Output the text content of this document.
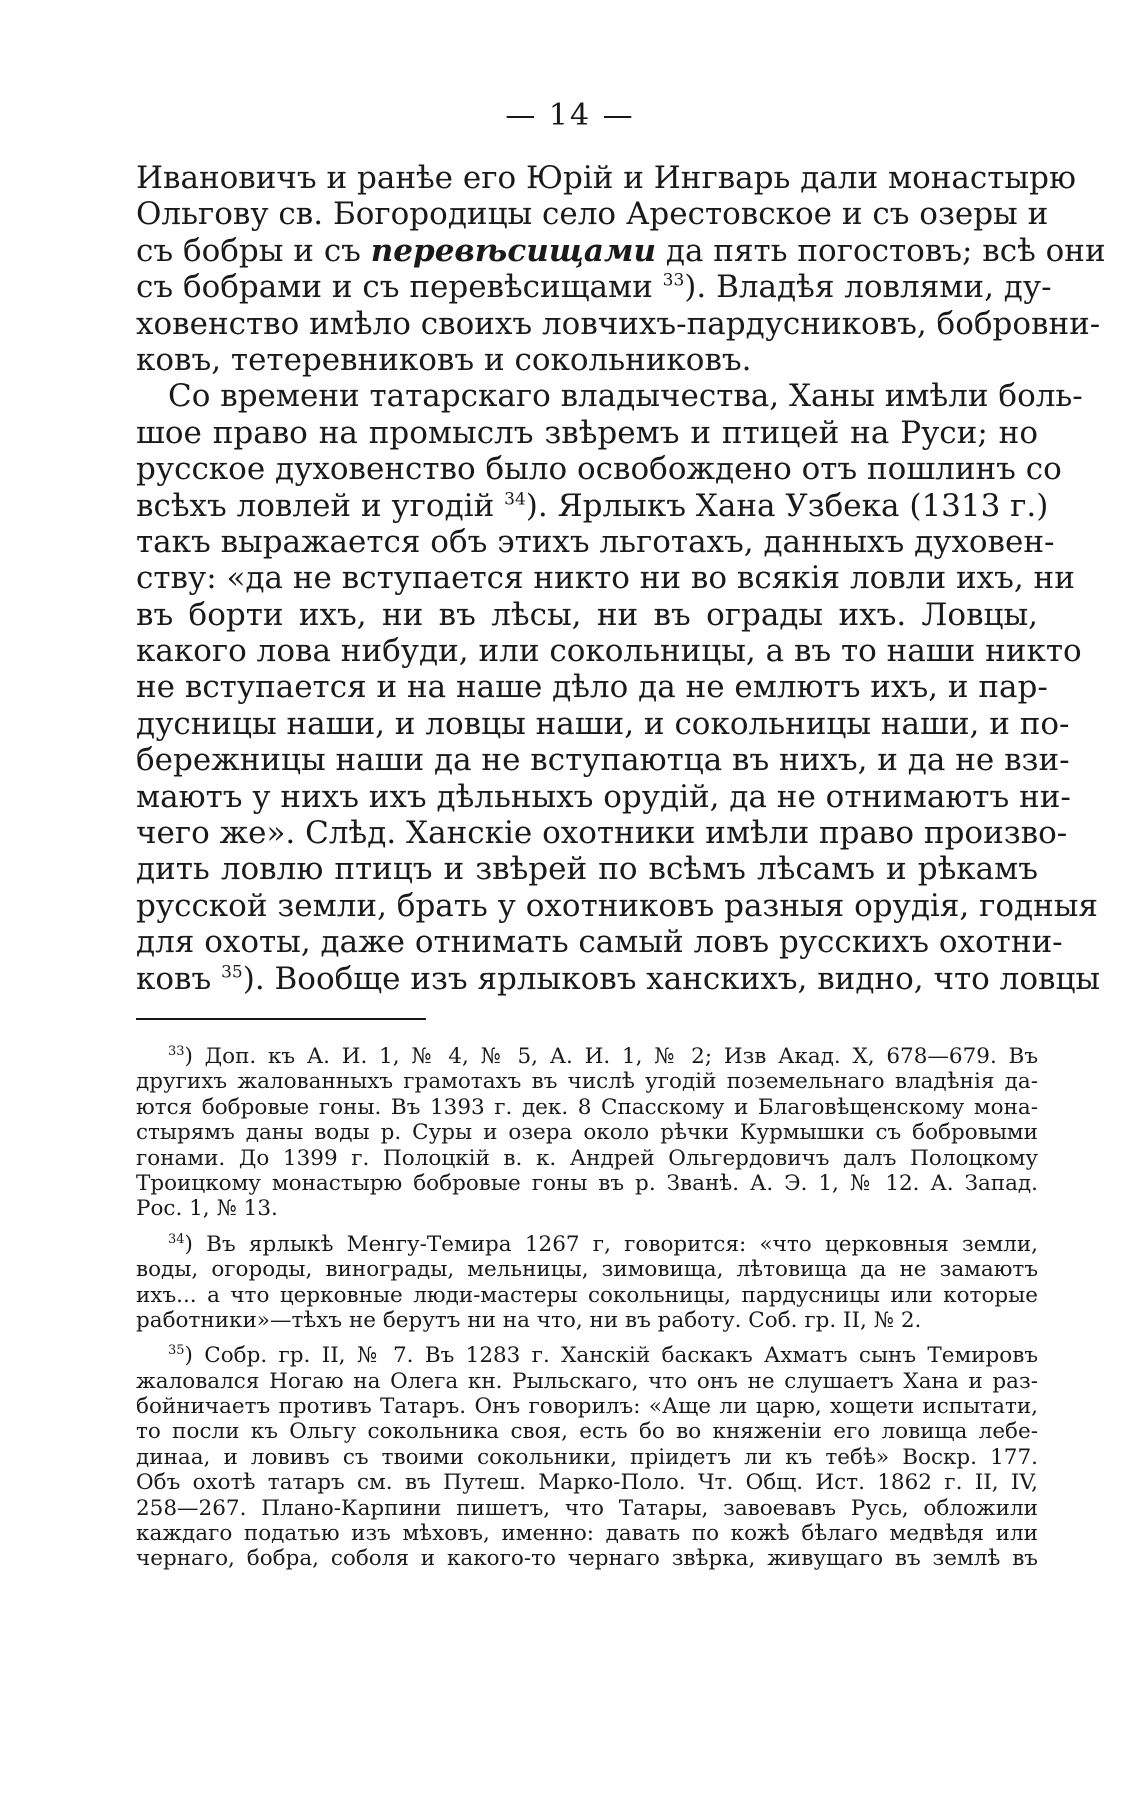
— 14 —
Ивановичъ и ранѣе его Юрій и Ингварь дали монастырю
Ольгову св. Богородицы село Арестовское и съ озеры и
съ бобры и съ перевѣсищами да пять погостовъ; всѣ они
съ бобрами и съ перевѣсищами $^{33}$). Владѣя ловлями, ду-
ховенство имѣло своихъ ловчихъ-пардусниковъ, бобровни-
ковъ, тетеревниковъ и сокольниковъ.
Со времени татарскаго владычества, Ханы имѣли боль-
шое право на промыслъ звѣремъ и птицей на Руси; но
русское духовенство было освобождено отъ пошлинъ со
всѣхъ ловлей и угодій $^{34}$). Ярлыкъ Хана Узбека (1313 г.)
такъ выражается объ этихъ льготахъ, данныхъ духовен-
ству: «да не вступается никто ни во всякія ловли ихъ, ни
въ борти ихъ, ни въ лѣсы, ни въ ограды ихъ. Ловцы,
какого лова нибуди, или сокольницы, а въ то наши никто
не вступается и на наше дѣло да не емлютъ ихъ, и пар-
дусницы наши, и ловцы наши, и сокольницы наши, и по-
бережницы наши да не вступаютца въ нихъ, и да не взи-
маютъ у нихъ ихъ дѣльныхъ орудій, да не отнимаютъ ни-
чего же». Слѣд. Ханскіе охотники имѣли право произво-
дить ловлю птицъ и звѣрей по всѣмъ лѣсамъ и рѣкамъ
русской земли, брать у охотниковъ разныя орудія, годныя
для охоты, даже отнимать самый ловъ русскихъ охотни-
ковъ $^{35}$). Вообще изъ ярлыковъ ханскихъ, видно, что ловцы
$^{33}$) Доп. къ А. И. 1, № 4, № 5, А. И. 1, № 2; Изв Акад. X, 678—679. Въ
другихъ жалованныхъ грамотахъ въ числѣ угодій поземельнаго владѣнія да-
ются бобровые гоны. Въ 1393 г. дек. 8 Спасскому и Благовѣщенскому мона-
стырямъ даны воды р. Суры и озера около рѣчки Курмышки съ бобровыми
гонами. До 1399 г. Полоцкій в. к. Андрей Ольгердовичъ далъ Полоцкому
Троицкому монастырю бобровые гоны въ р. Званѣ. А. Э. 1, № 12. А. Запад.
Рос. 1, № 13.
$^{34}$) Въ ярлыкѣ Менгу-Темира 1267 г, говорится: «что церковныя земли,
воды, огороды, винограды, мельницы, зимовища, лѣтовища да не замаютъ
ихъ... а что церковные люди-мастеры сокольницы, пардусницы или которые
работники»—тѣхъ не берутъ ни на что, ни въ работу. Соб. гр. II, № 2.
$^{35}$) Собр. гр. II, № 7. Въ 1283 г. Ханскій баскакъ Ахматъ сынъ Темировъ
жаловался Ногаю на Олега кн. Рыльскаго, что онъ не слушаетъ Хана и раз-
бойничаетъ противъ Татаръ. Онъ говорилъ: «Аще ли царю, хощети испытати,
то посли къ Ольгу сокольника своя, есть бо во княженіи его ловища лебе-
динаа, и ловивъ съ твоими сокольники, пріидетъ ли къ тебѣ» Воскр. 177.
Объ охотѣ татаръ см. въ Путеш. Марко-Поло. Чт. Общ. Ист. 1862 г. II, IV,
258—267. Плано-Карпини пишетъ, что Татары, завоевавъ Русь, обложили
каждаго податью изъ мѣховъ, именно: давать по кожѣ бѣлаго медвѣдя или
чернаго, бобра, соболя и какого-то чернаго звѣрка, живущаго въ землѣ въ
